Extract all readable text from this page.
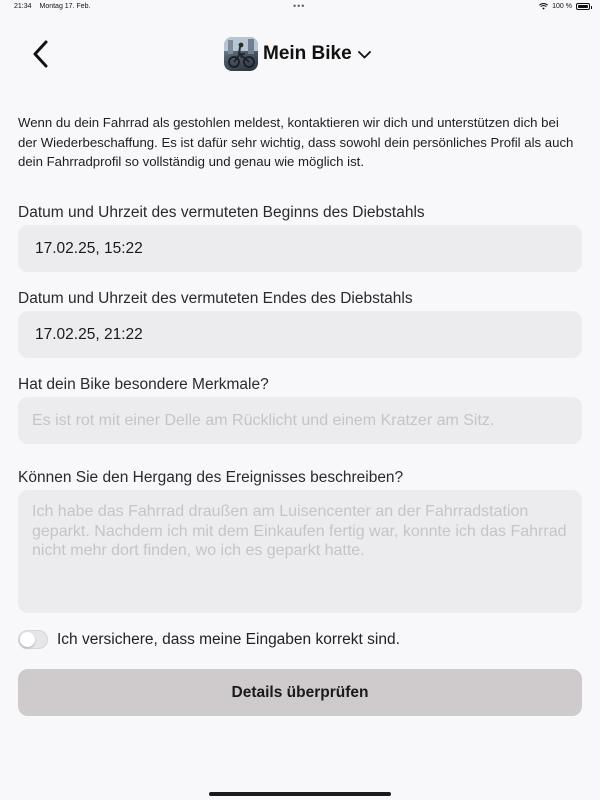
21:34 Montag 17. Feb.	•••	100 %
Mein Bike

Wenn du dein Fahrrad als gestohlen meldest, kontaktieren wir dich und unterstützen dich bei der Wiederbeschaffung. Es ist dafür sehr wichtig, dass sowohl dein persönliches Profil als auch dein Fahrradprofil so vollständig und genau wie möglich ist.

Datum und Uhrzeit des vermuteten Beginns des Diebstahls
17.02.25, 15:22
Datum und Uhrzeit des vermuteten Endes des Diebstahls
17.02.25, 21:22
Hat dein Bike besondere Merkmale?
Es ist rot mit einer Delle am Rücklicht und einem Kratzer am Sitz.
Können Sie den Hergang des Ereignisses beschreiben?
Ich habe das Fahrrad draußen am Luisencenter an der Fahrradstation geparkt. Nachdem ich mit dem Einkaufen fertig war, konnte ich das Fahrrad nicht mehr dort finden, wo ich es geparkt hatte.
Ich versichere, dass meine Eingaben korrekt sind.
Details überprüfen
